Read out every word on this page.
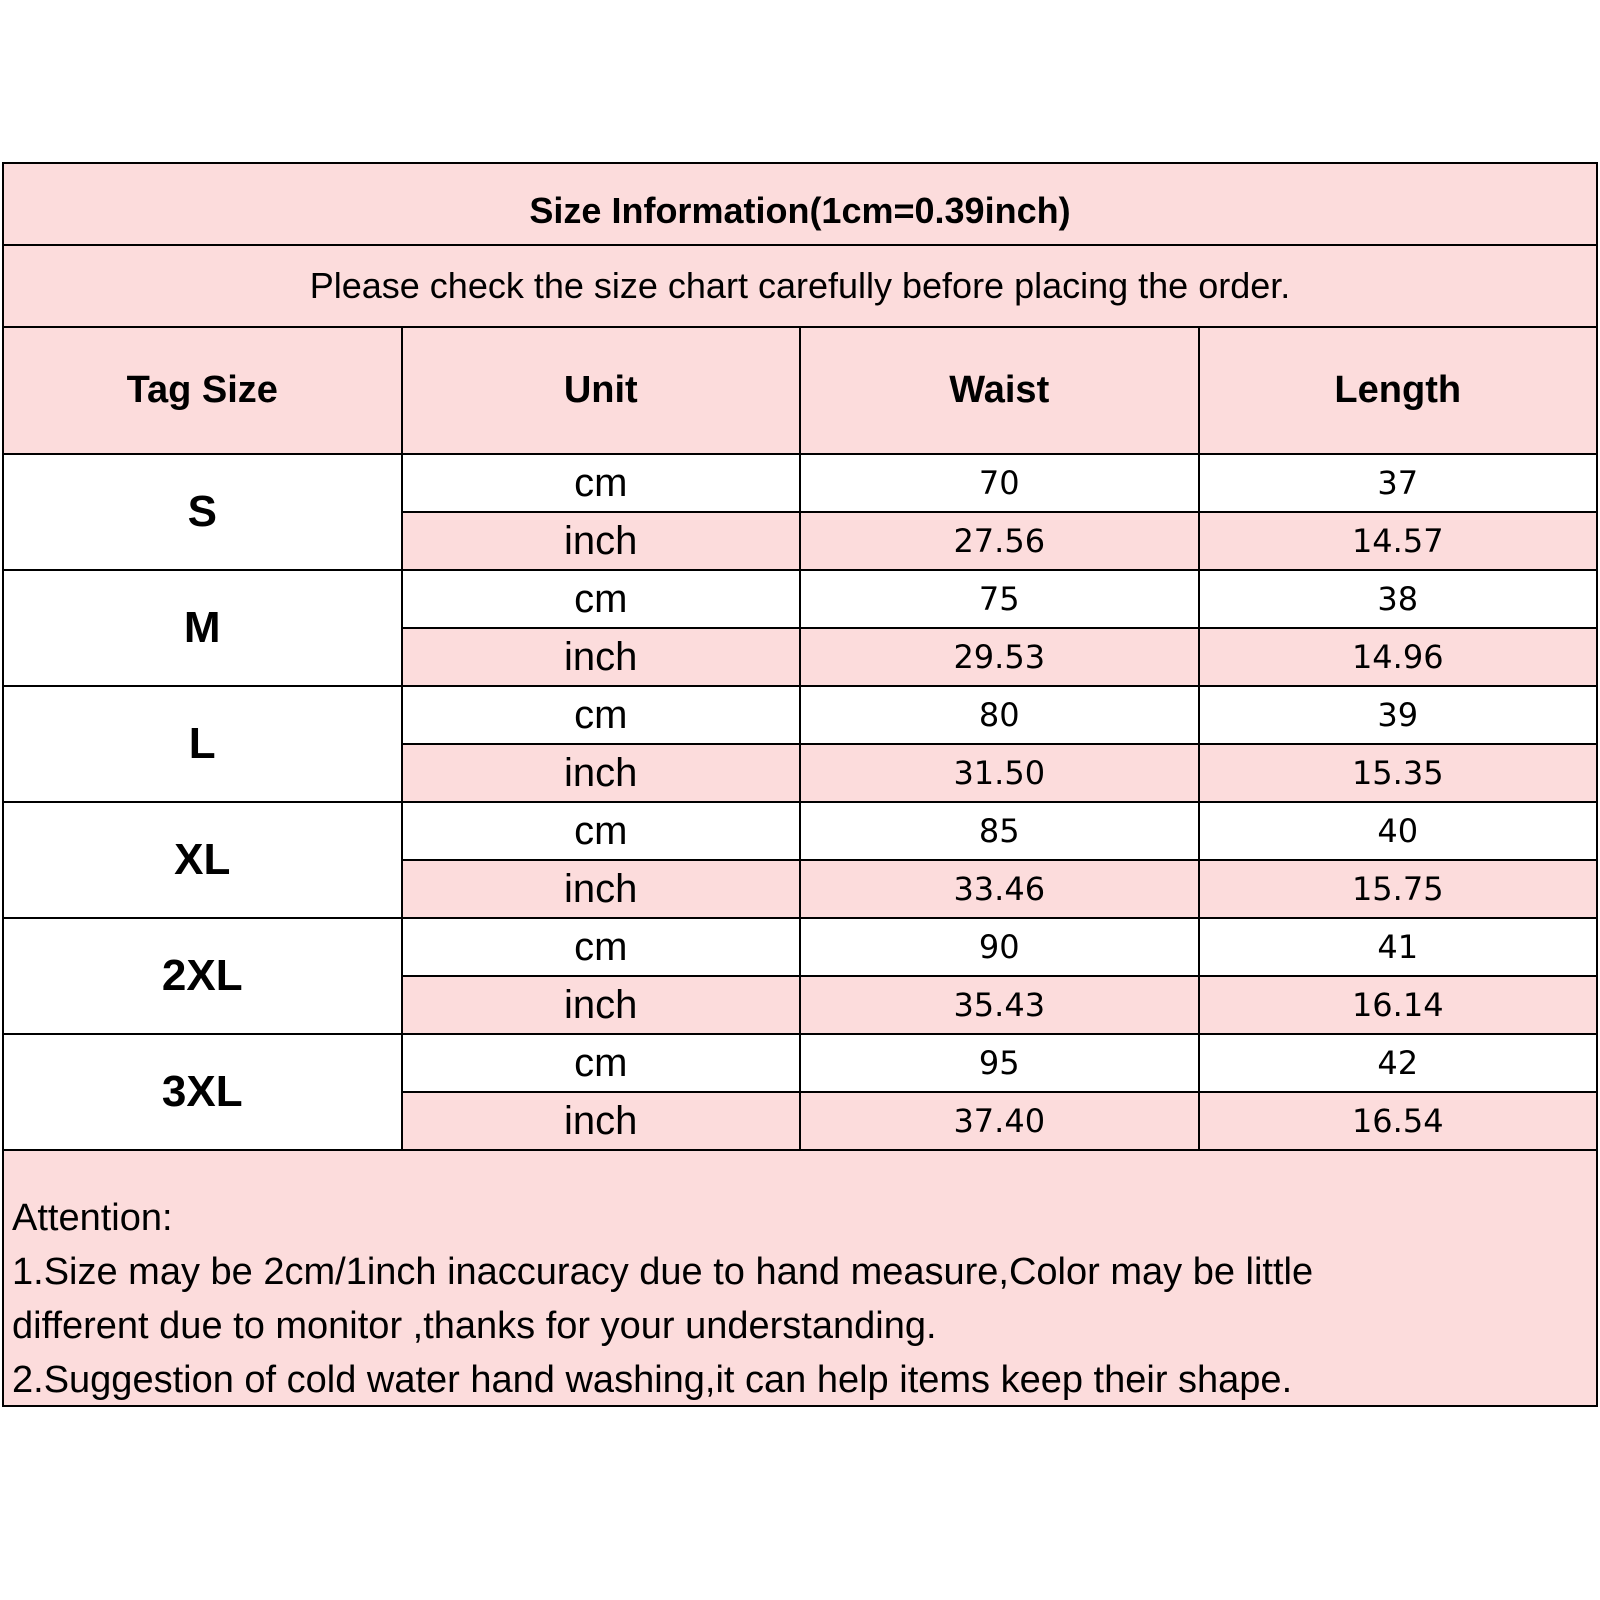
Size Information(1cm=0.39inch)
Please check the size chart carefully before placing the order.
Tag Size	Unit	Waist	Length
S	cm	70	37
	inch	27.56	14.57
M	cm	75	38
	inch	29.53	14.96
L	cm	80	39
	inch	31.50	15.35
XL	cm	85	40
	inch	33.46	15.75
2XL	cm	90	41
	inch	35.43	16.14
3XL	cm	95	42
	inch	37.40	16.54
Attention:
1.Size may be 2cm/1inch inaccuracy due to hand measure,Color may be little
different due to monitor ,thanks for your understanding.
2.Suggestion of cold water hand washing,it can help items keep their shape.
